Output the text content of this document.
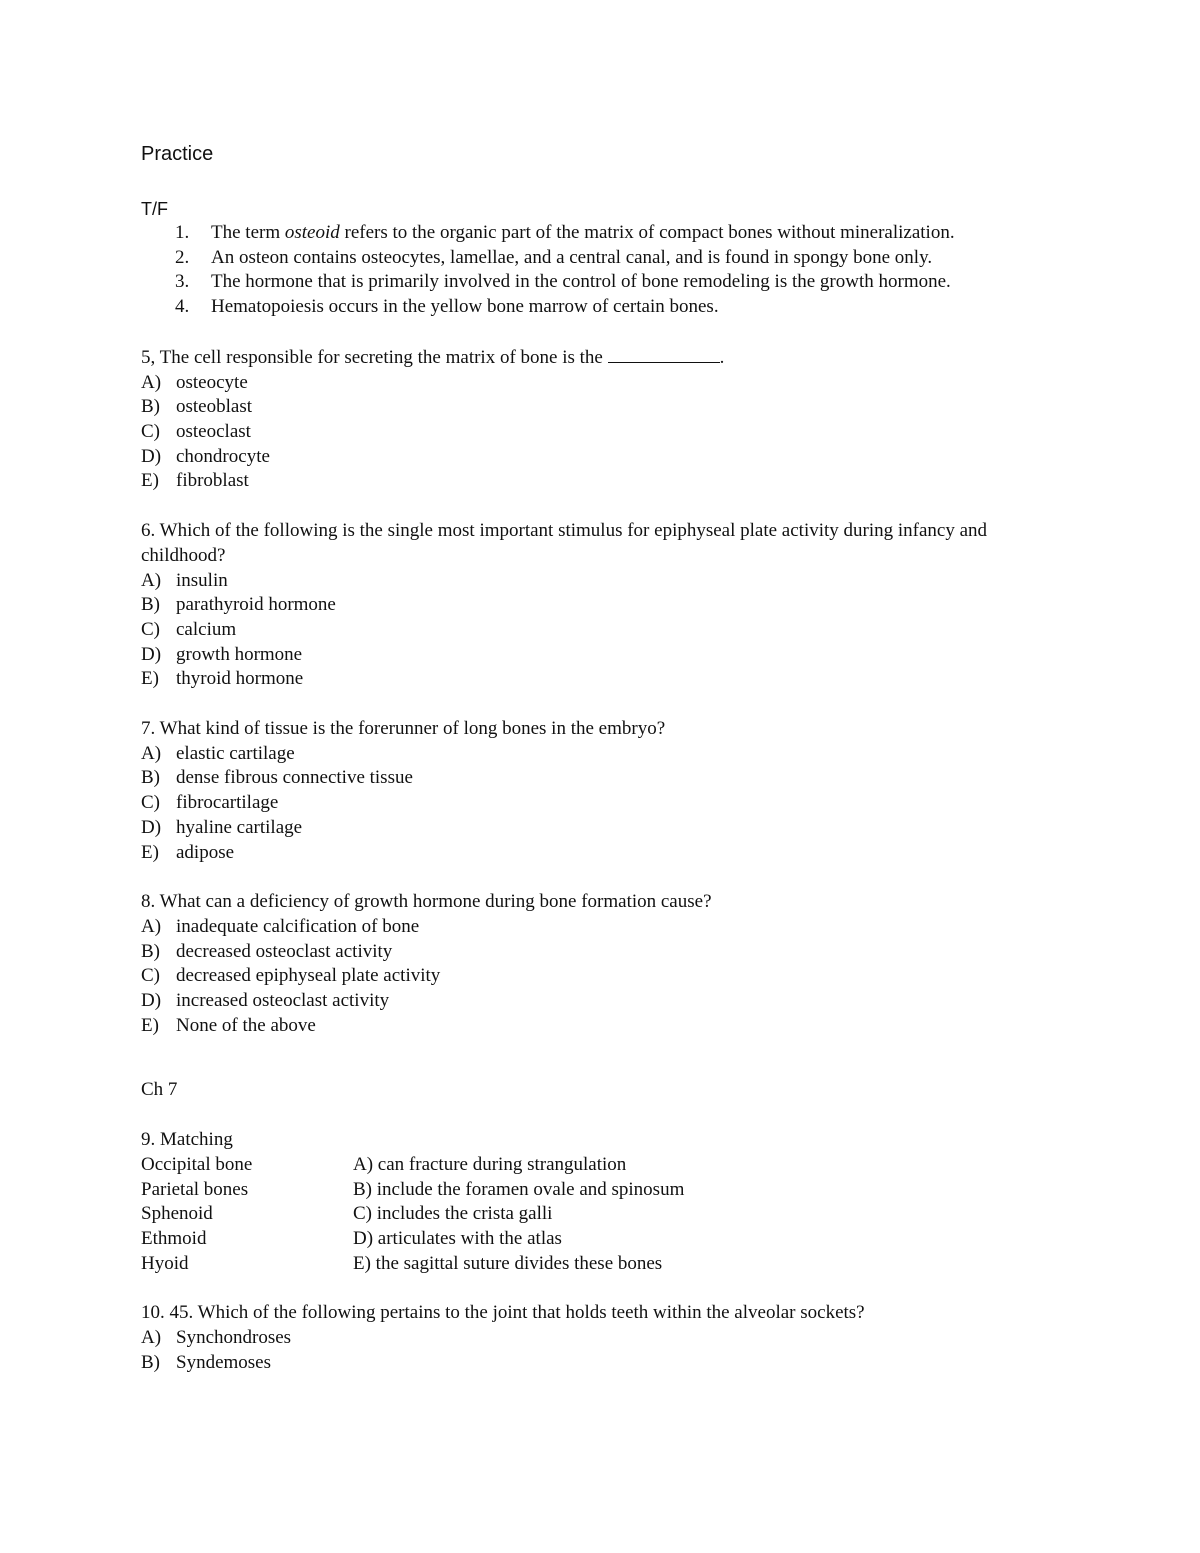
Practice
T/F
1. The term osteoid refers to the organic part of the matrix of compact bones without mineralization.
2. An osteon contains osteocytes, lamellae, and a central canal, and is found in spongy bone only.
3. The hormone that is primarily involved in the control of bone remodeling is the growth hormone.
4. Hematopoiesis occurs in the yellow bone marrow of certain bones.
5, The cell responsible for secreting the matrix of bone is the	.
A) osteocyte
B) osteoblast
C) osteoclast
D) chondrocyte
E) fibroblast
6. Which of the following is the single most important stimulus for epiphyseal plate activity during infancy and childhood?
A) insulin
B) parathyroid hormone
C) calcium
D) growth hormone
E) thyroid hormone
7. What kind of tissue is the forerunner of long bones in the embryo?
A) elastic cartilage
B) dense fibrous connective tissue
C) fibrocartilage
D) hyaline cartilage
E) adipose
8. What can a deficiency of growth hormone during bone formation cause?
A) inadequate calcification of bone
B) decreased osteoclast activity
C) decreased epiphyseal plate activity
D) increased osteoclast activity
E) None of the above
Ch 7
9. Matching
Occipital bone	A) can fracture during strangulation
Parietal bones	B) include the foramen ovale and spinosum
Sphenoid	C) includes the crista galli
Ethmoid	D) articulates with the atlas
Hyoid	E) the sagittal suture divides these bones
10. 45. Which of the following pertains to the joint that holds teeth within the alveolar sockets?
A) Synchondroses
B) Syndemoses
